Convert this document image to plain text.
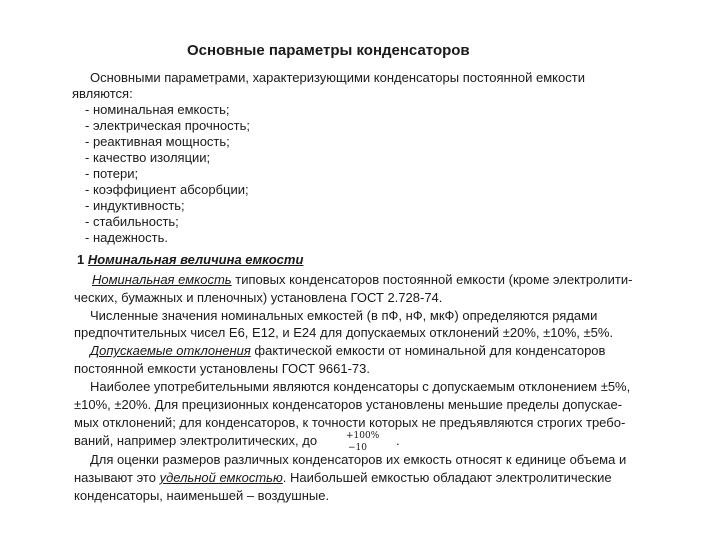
Основные параметры конденсаторов
Основными параметрами, характеризующими конденсаторы постоянной емкости
являются:
- номинальная емкость;
- электрическая прочность;
- реактивная мощность;
- качество изоляции;
- потери;
- коэффициент абсорбции;
- индуктивность;
- стабильность;
- надежность.
1 Номинальная величина емкости
Номинальная емкость типовых конденсаторов постоянной емкости (кроме электролити-
ческих, бумажных и пленочных) установлена ГОСТ 2.728-74.
Численные значения номинальных емкостей (в пФ, нФ, мкФ) определяются рядами
предпочтительных чисел Е6, Е12, и Е24 для допускаемых отклонений ±20%, ±10%, ±5%.
Допускаемые отклонения фактической емкости от номинальной для конденсаторов
постоянной емкости установлены ГОСТ 9661-73.
Наиболее употребительными являются конденсаторы с допускаемым отклонением ±5%,
±10%, ±20%. Для прецизионных конденсаторов установлены меньшие пределы допускае-
мых отклонений; для конденсаторов, к точности которых не предъявляются строгих требо-
ваний, например электролитических, до	+100%
−10	.
Для оценки размеров различных конденсаторов их емкость относят к единице объема и
называют это удельной емкостью. Наибольшей емкостью обладают электролитические
конденсаторы, наименьшей – воздушные.
